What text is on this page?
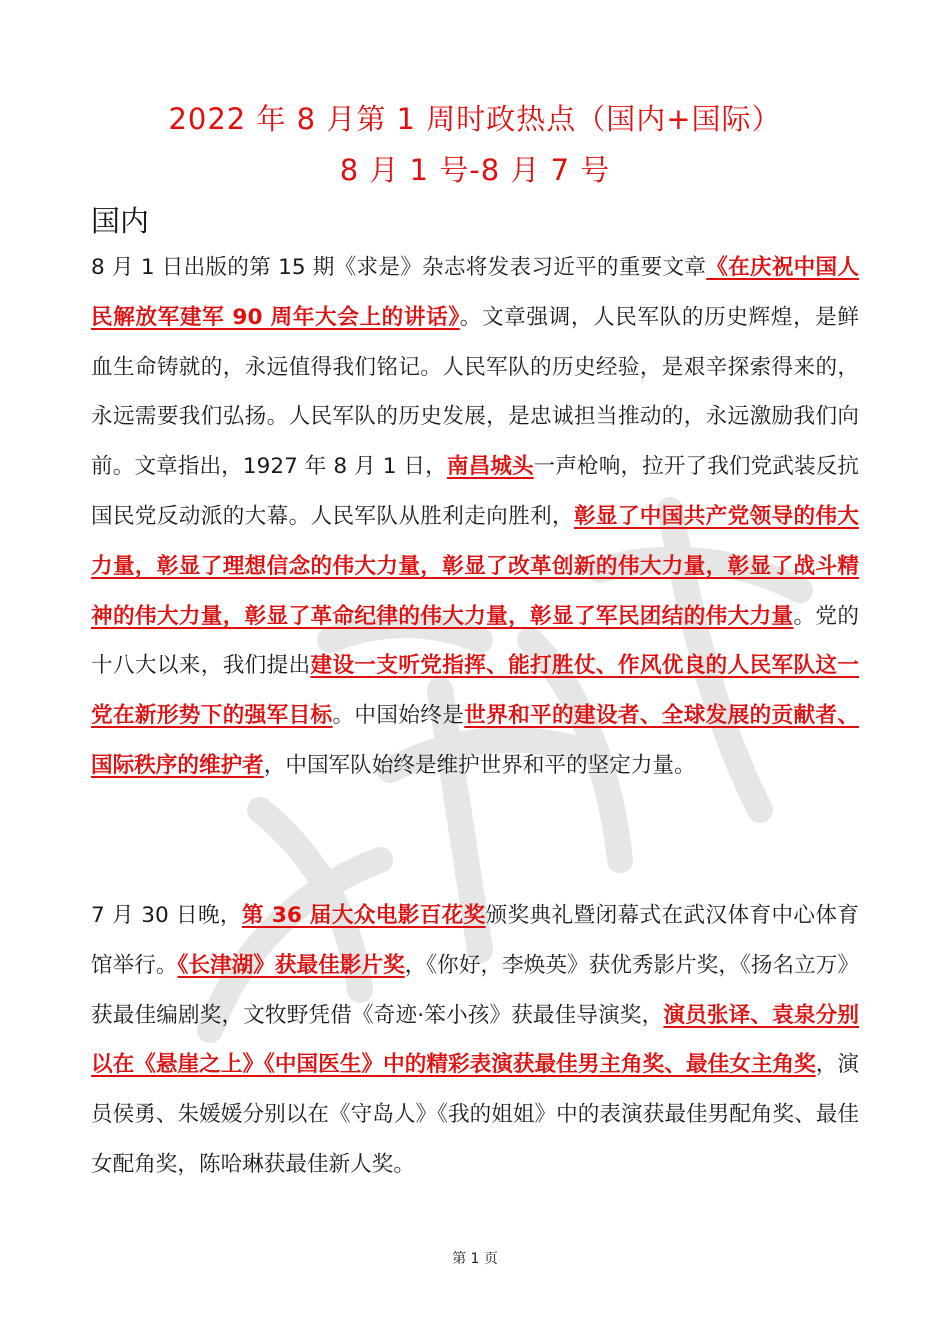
2022 年 8 月第 1 周时政热点（国内+国际）
8 月 1 号-8 月 7 号
国内

8 月 1 日出版的第 15 期《求是》杂志将发表习近平的重要文章《在庆祝中国人民解放军建军 90 周年大会上的讲话》。文章强调，人民军队的历史辉煌，是鲜血生命铸就的，永远值得我们铭记。人民军队的历史经验，是艰辛探索得来的，永远需要我们弘扬。人民军队的历史发展，是忠诚担当推动的，永远激励我们向前。文章指出，1927 年 8 月 1 日，南昌城头一声枪响，拉开了我们党武装反抗国民党反动派的大幕。人民军队从胜利走向胜利，彰显了中国共产党领导的伟大力量，彰显了理想信念的伟大力量，彰显了改革创新的伟大力量，彰显了战斗精神的伟大力量，彰显了革命纪律的伟大力量，彰显了军民团结的伟大力量。党的十八大以来，我们提出建设一支听党指挥、能打胜仗、作风优良的人民军队这一党在新形势下的强军目标。中国始终是世界和平的建设者、全球发展的贡献者、国际秩序的维护者，中国军队始终是维护世界和平的坚定力量。

7 月 30 日晚，第 36 届大众电影百花奖颁奖典礼暨闭幕式在武汉体育中心体育馆举行。《长津湖》获最佳影片奖，《你好，李焕英》获优秀影片奖，《扬名立万》获最佳编剧奖，文牧野凭借《奇迹·笨小孩》获最佳导演奖，演员张译、袁泉分别以在《悬崖之上》《中国医生》中的精彩表演获最佳男主角奖、最佳女主角奖，演员侯勇、朱媛媛分别以在《守岛人》《我的姐姐》中的表演获最佳男配角奖、最佳女配角奖，陈哈琳获最佳新人奖。

第 1 页
